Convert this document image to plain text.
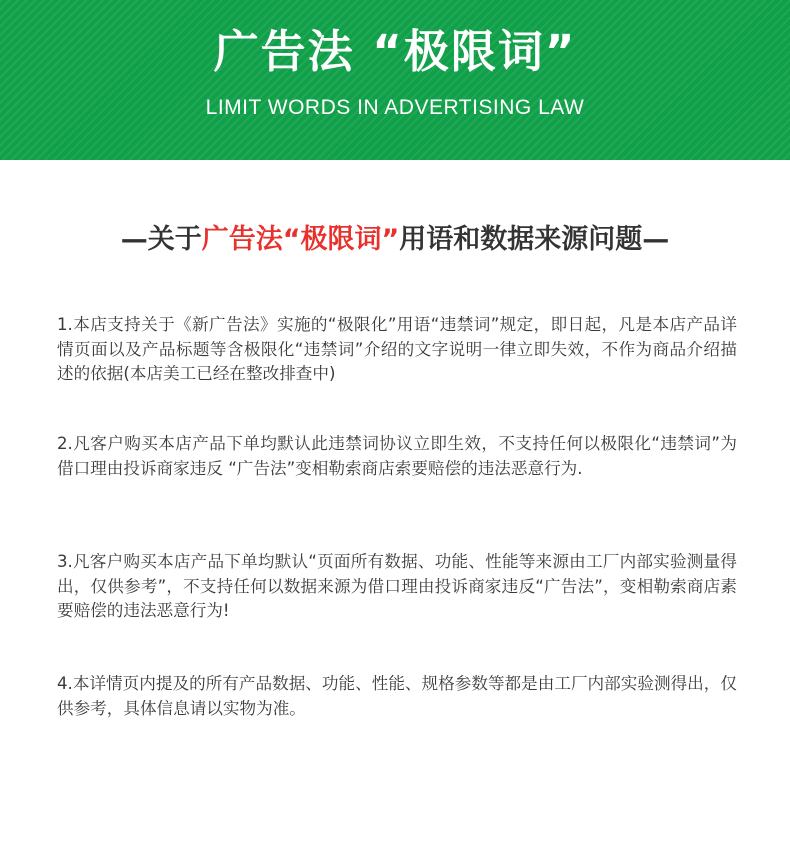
广告法 “极限词”
LIMIT WORDS IN ADVERTISING LAW
—关于广告法“极限词”用语和数据来源问题—

1.本店支持关于《新广告法》实施的“极限化”用语“违禁词”规定，即日起，凡是本店产品详情页面以及产品标题等含极限化“违禁词”介绍的文字说明一律立即失效，不作为商品介绍描述的依据(本店美工已经在整改排查中)

2.凡客户购买本店产品下单均默认此违禁词协议立即生效，不支持任何以极限化“违禁词”为借口理由投诉商家违反 “广告法”变相勒索商店索要赔偿的违法恶意行为.

3.凡客户购买本店产品下单均默认“页面所有数据、功能、性能等来源由工厂内部实验测量得出，仅供参考”，不支持任何以数据来源为借口理由投诉商家违反“广告法”，变相勒索商店素要赔偿的违法恶意行为!

4.本详情页内提及的所有产品数据、功能、性能、规格参数等都是由工厂内部实验测得出，仅供参考，具体信息请以实物为准。
